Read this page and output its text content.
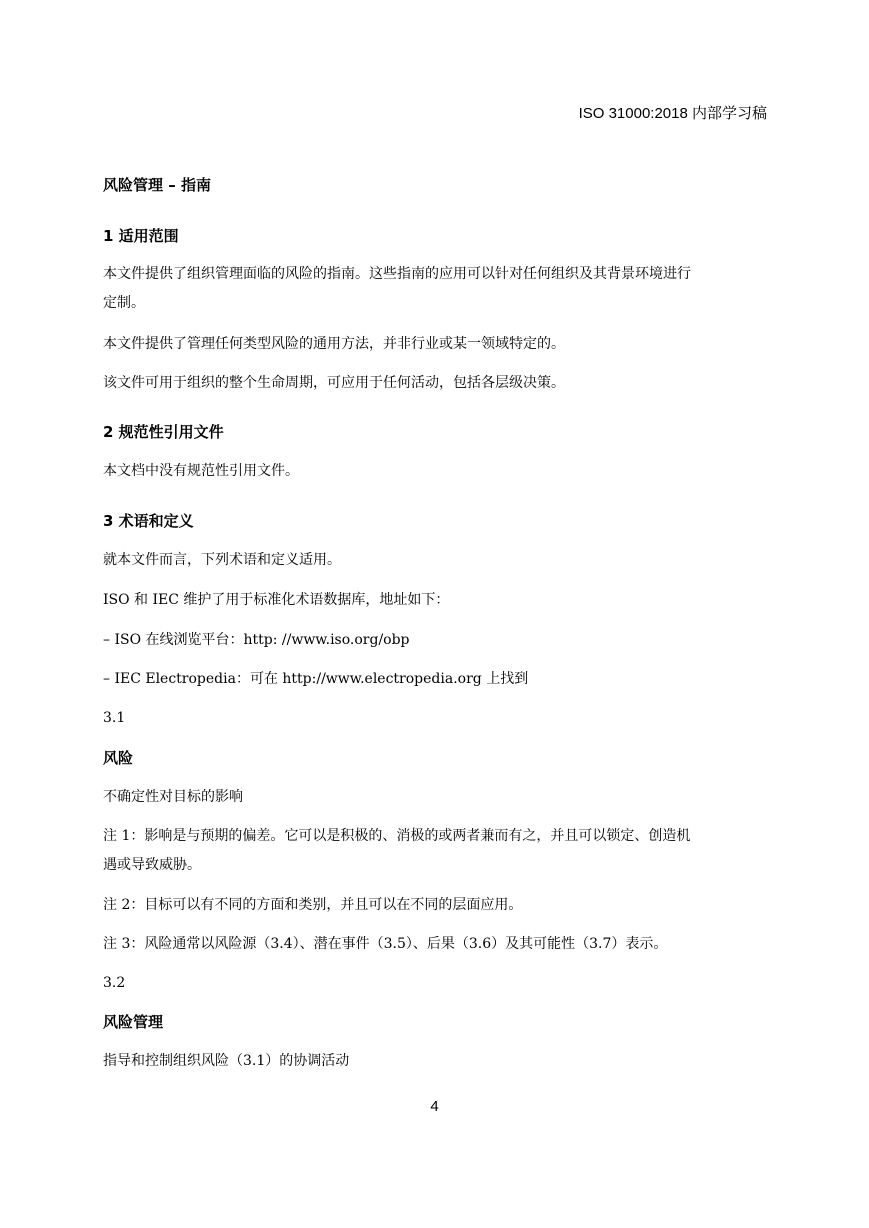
ISO 31000:2018 内部学习稿
风险管理 – 指南
1 适用范围
本文件提供了组织管理面临的风险的指南。这些指南的应用可以针对任何组织及其背景环境进行
定制。
本文件提供了管理任何类型风险的通用方法，并非行业或某一领域特定的。
该文件可用于组织的整个生命周期，可应用于任何活动，包括各层级决策。
2 规范性引用文件
本文档中没有规范性引用文件。
3 术语和定义
就本文件而言，下列术语和定义适用。
ISO 和 IEC 维护了用于标准化术语数据库，地址如下：
– ISO 在线浏览平台：http: //www.iso.org/obp
– IEC Electropedia：可在 http://www.electropedia.org 上找到
3.1
风险
不确定性对目标的影响
注 1：影响是与预期的偏差。它可以是积极的、消极的或两者兼而有之，并且可以锁定、创造机
遇或导致威胁。
注 2：目标可以有不同的方面和类别，并且可以在不同的层面应用。
注 3：风险通常以风险源（3.4）、潜在事件（3.5）、后果（3.6）及其可能性（3.7）表示。
3.2
风险管理
指导和控制组织风险（3.1）的协调活动
4
